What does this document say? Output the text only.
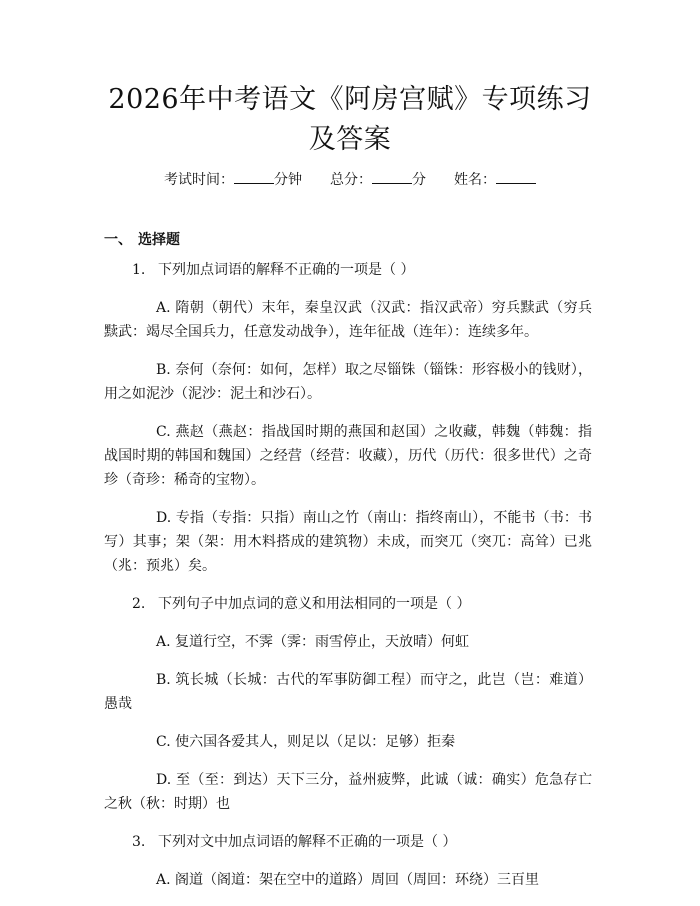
2026年中考语文《阿房宫赋》专项练习及答案
考试时间：	分钟 总分：	分 姓名：
一、 选择题
1. 下列加点词语的解释不正确的一项是（ ）
A. 隋朝（朝代）末年，秦皇汉武（汉武：指汉武帝）穷兵黩武（穷兵黩武：竭尽全国兵力，任意发动战争），连年征战（连年）：连续多年。
B. 奈何（奈何：如何，怎样）取之尽锱铢（锱铢：形容极小的钱财），用之如泥沙（泥沙：泥土和沙石）。
C. 燕赵（燕赵：指战国时期的燕国和赵国）之收藏，韩魏（韩魏：指战国时期的韩国和魏国）之经营（经营：收藏），历代（历代：很多世代）之奇珍（奇珍：稀奇的宝物）。
D. 专指（专指：只指）南山之竹（南山：指终南山），不能书（书：书写）其事；架（架：用木料搭成的建筑物）未成，而突兀（突兀：高耸）已兆（兆：预兆）矣。
2. 下列句子中加点词的意义和用法相同的一项是（ ）
A. 复道行空，不霁（霁：雨雪停止，天放晴）何虹
B. 筑长城（长城：古代的军事防御工程）而守之，此岂（岂：难道）愚哉
C. 使六国各爱其人，则足以（足以：足够）拒秦
D. 至（至：到达）天下三分，益州疲弊，此诚（诚：确实）危急存亡之秋（秋：时期）也
3. 下列对文中加点词语的解释不正确的一项是（ ）
A. 阁道（阁道：架在空中的道路）周回（周回：环绕）三百里
